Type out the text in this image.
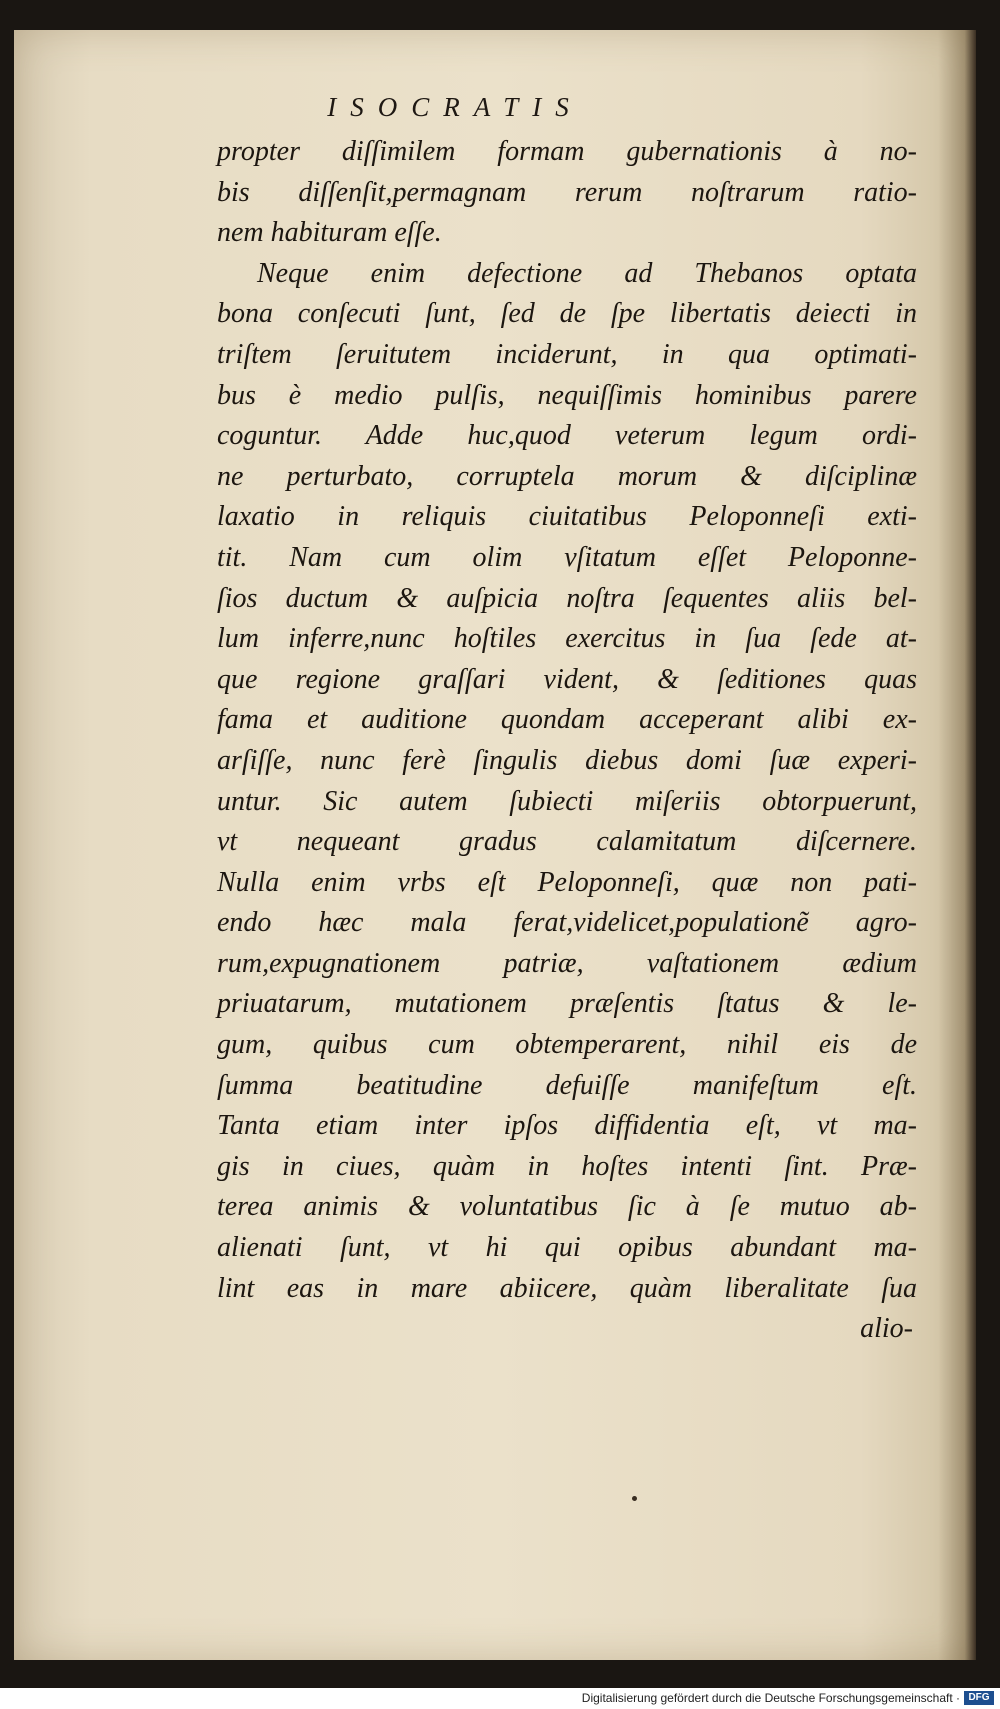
ISOCRATIS
propter diſſimilem formam gubernationis à no-
bis diſſenſit,permagnam rerum noſtrarum ratio-
nem habituram eſſe.
Neque enim defectione ad Thebanos optata
bona conſecuti ſunt, ſed de ſpe libertatis deiecti in
triſtem ſeruitutem inciderunt, in qua optimati-
bus è medio pulſis, nequiſſimis hominibus parere
coguntur. Adde huc,quod veterum legum ordi-
ne perturbato, corruptela morum & diſciplinæ
laxatio in reliquis ciuitatibus Peloponneſi exti-
tit. Nam cum olim vſitatum eſſet Peloponne-
ſios ductum & auſpicia noſtra ſequentes aliis bel-
lum inferre,nunc hoſtiles exercitus in ſua ſede at-
que regione graſſari vident, & ſeditiones quas
fama et auditione quondam acceperant alibi ex-
arſiſſe, nunc ferè ſingulis diebus domi ſuæ experi-
untur. Sic autem ſubiecti miſeriis obtorpuerunt,
vt nequeant gradus calamitatum diſcernere.
Nulla enim vrbs eſt Peloponneſi, quæ non pati-
endo hæc mala ferat,videlicet,populationẽ agro-
rum,expugnationem patriæ, vaſtationem ædium
priuatarum, mutationem præſentis ſtatus & le-
gum, quibus cum obtemperarent, nihil eis de
ſumma beatitudine defuiſſe manifeſtum eſt.
Tanta etiam inter ipſos diffidentia eſt, vt ma-
gis in ciues, quàm in hoſtes intenti ſint. Præ-
terea animis & voluntatibus ſic à ſe mutuo ab-
alienati ſunt, vt hi qui opibus abundant ma-
lint eas in mare abiicere, quàm liberalitate ſua
alio-
Digitalisierung gefördert durch die Deutsche Forschungsgemeinschaft · DFG
